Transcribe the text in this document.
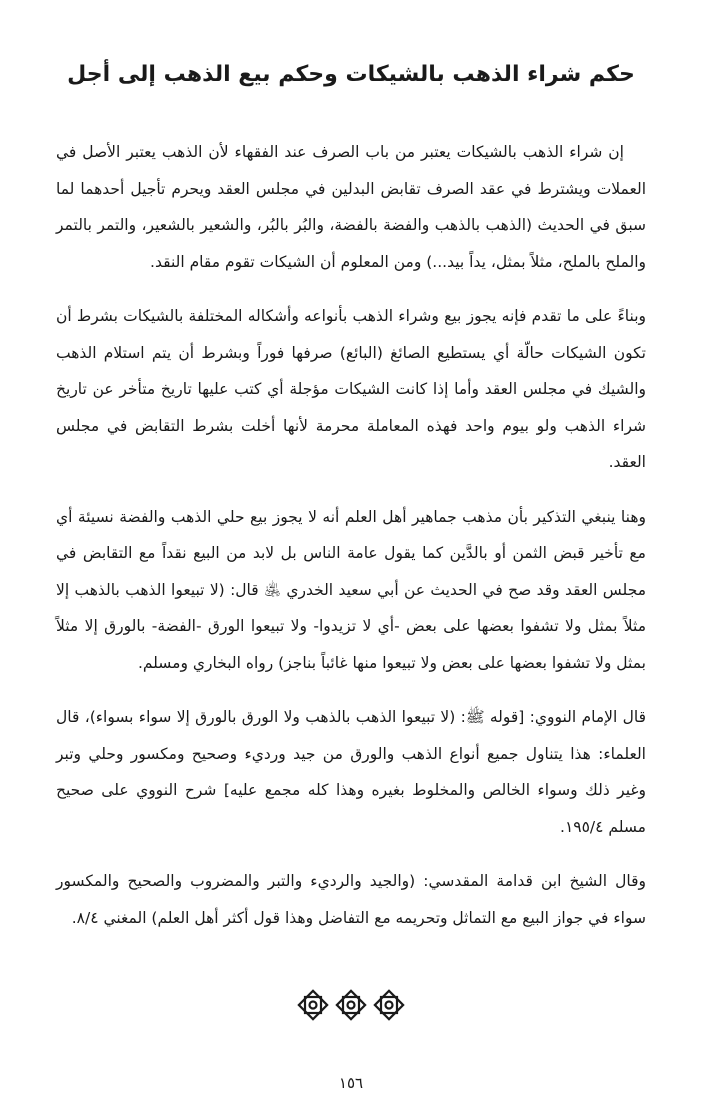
حكم شراء الذهب بالشيكات وحكم بيع الذهب إلى أجل

إن شراء الذهب بالشيكات يعتبر من باب الصرف عند الفقهاء لأن الذهب يعتبر الأصل في العملات ويشترط في عقد الصرف تقابض البدلين في مجلس العقد ويحرم تأجيل أحدهما لما سبق في الحديث (الذهب بالذهب والفضة بالفضة، والبُر بالبُر، والشعير بالشعير، والتمر بالتمر والملح بالملح، مثلاً بمثل، يداً بيد...) ومن المعلوم أن الشيكات تقوم مقام النقد.

وبناءً على ما تقدم فإنه يجوز بيع وشراء الذهب بأنواعه وأشكاله المختلفة بالشيكات بشرط أن تكون الشيكات حالّة أي يستطيع الصائغ (البائع) صرفها فوراً وبشرط أن يتم استلام الذهب والشيك في مجلس العقد وأما إذا كانت الشيكات مؤجلة أي كتب عليها تاريخ متأخر عن تاريخ شراء الذهب ولو بيوم واحد فهذه المعاملة محرمة لأنها أخلت بشرط التقابض في مجلس العقد.

وهنا ينبغي التذكير بأن مذهب جماهير أهل العلم أنه لا يجوز بيع حلي الذهب والفضة نسيئة أي مع تأخير قبض الثمن أو بالدَّين كما يقول عامة الناس بل لابد من البيع نقداً مع التقابض في مجلس العقد وقد صح في الحديث عن أبي سعيد الخدري ﵁ قال: (لا تبيعوا الذهب بالذهب إلا مثلاً بمثل ولا تشفوا بعضها على بعض -أي لا تزيدوا- ولا تبيعوا الورق -الفضة- بالورق إلا مثلاً بمثل ولا تشفوا بعضها على بعض ولا تبيعوا منها غائباً بناجز) رواه البخاري ومسلم.

قال الإمام النووي: [قوله ﷺ: (لا تبيعوا الذهب بالذهب ولا الورق بالورق إلا سواء بسواء)، قال العلماء: هذا يتناول جميع أنواع الذهب والورق من جيد ورديء وصحيح ومكسور وحلي وتبر وغير ذلك وسواء الخالص والمخلوط بغيره وهذا كله مجمع عليه] شرح النووي على صحيح مسلم ١٩٥/٤.

وقال الشيخ ابن قدامة المقدسي: (والجيد والرديء والتبر والمضروب والصحيح والمكسور سواء في جواز البيع مع التماثل وتحريمه مع التفاضل وهذا قول أكثر أهل العلم) المغني ٨/٤.

١٥٦
